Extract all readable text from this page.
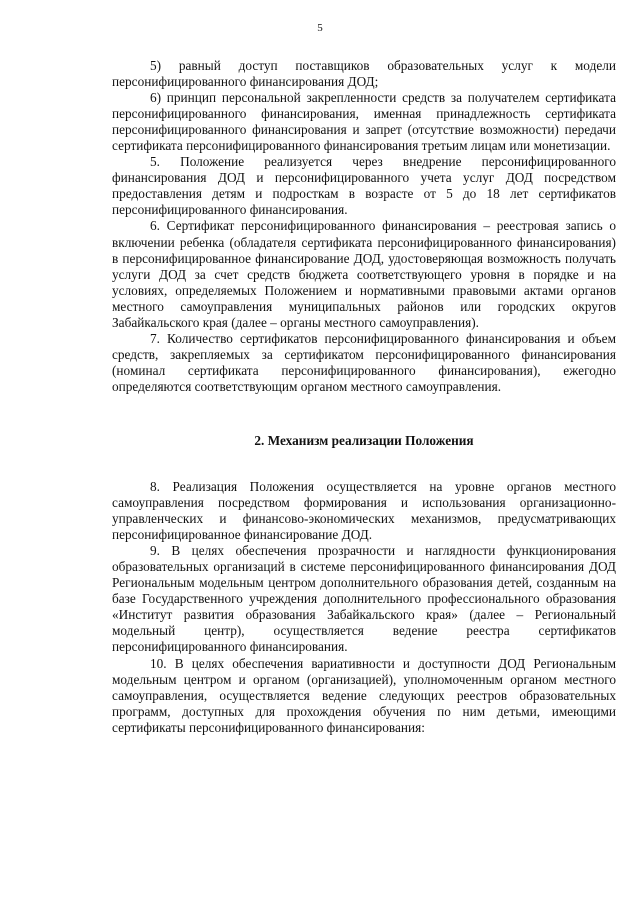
5

5) равный доступ поставщиков образовательных услуг к модели персонифицированного финансирования ДОД;

6) принцип персональной закрепленности средств за получателем сертификата персонифицированного финансирования, именная принадлежность сертификата персонифицированного финансирования и запрет (отсутствие возможности) передачи сертификата персонифицированного финансирования третьим лицам или монетизации.

5. Положение реализуется через внедрение персонифицированного финансирования ДОД и персонифицированного учета услуг ДОД посредством предоставления детям и подросткам в возрасте от 5 до 18 лет сертификатов персонифицированного финансирования.

6. Сертификат персонифицированного финансирования – реестровая запись о включении ребенка (обладателя сертификата персонифицированного финансирования) в персонифицированное финансирование ДОД, удостоверяющая возможность получать услуги ДОД за счет средств бюджета соответствующего уровня в порядке и на условиях, определяемых Положением и нормативными правовыми актами органов местного самоуправления муниципальных районов или городских округов Забайкальского края (далее – органы местного самоуправления).

7. Количество сертификатов персонифицированного финансирования и объем средств, закрепляемых за сертификатом персонифицированного финансирования (номинал сертификата персонифицированного финансирования), ежегодно определяются соответствующим органом местного самоуправления.

2. Механизм реализации Положения

8. Реализация Положения осуществляется на уровне органов местного самоуправления посредством формирования и использования организационно-управленческих и финансово-экономических механизмов, предусматривающих персонифицированное финансирование ДОД.

9. В целях обеспечения прозрачности и наглядности функционирования образовательных организаций в системе персонифицированного финансирования ДОД Региональным модельным центром дополнительного образования детей, созданным на базе Государственного учреждения дополнительного профессионального образования «Институт развития образования Забайкальского края» (далее – Региональный модельный центр), осуществляется ведение реестра сертификатов персонифицированного финансирования.

10. В целях обеспечения вариативности и доступности ДОД Региональным модельным центром и органом (организацией), уполномоченным органом местного самоуправления, осуществляется ведение следующих реестров образовательных программ, доступных для прохождения обучения по ним детьми, имеющими сертификаты персонифицированного финансирования:
